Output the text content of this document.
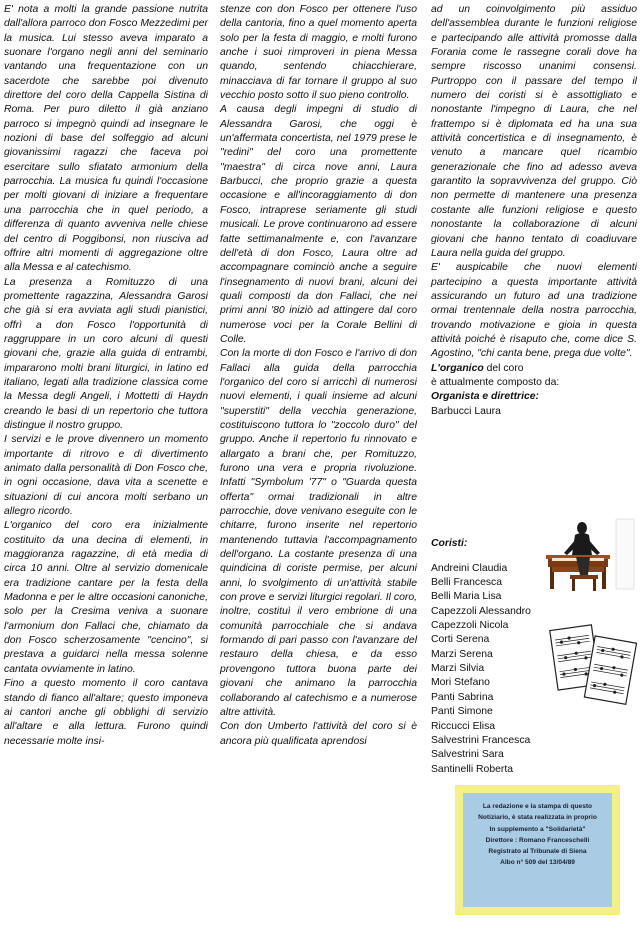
E' nota a molti la grande passione nutrita dall'allora parroco don Fosco Mezzedimi per la musica. Lui stesso aveva imparato a suonare l'organo negli anni del seminario vantando una frequentazione con un sacerdote che sarebbe poi divenuto direttore del coro della Cappella Sistina di Roma. Per puro diletto il già anziano parroco si impegnò quindi ad insegnare le nozioni di base del solfeggio ad alcuni giovanissimi ragazzi che faceva poi esercitare sullo sfiatato armonium della parrocchia. La musica fu quindi l'occasione per molti giovani di iniziare a frequentare una parrocchia che in quel periodo, a differenza di quanto avveniva nelle chiese del centro di Poggibonsi, non riusciva ad offrire altri momenti di aggregazione oltre alla Messa e al catechismo.

La presenza a Romituzzo di una promettente ragazzina, Alessandra Garosi che già si era avviata agli studi pianistici, offrì a don Fosco l'opportunità di raggruppare in un coro alcuni di questi giovani che, grazie alla guida di entrambi, impararono molti brani liturgici, in latino ed italiano, legati alla tradizione classica come la Messa degli Angeli, i Mottetti di Haydn creando le basi di un repertorio che tuttora distingue il nostro gruppo.

I servizi e le prove divennero un momento importante di ritrovo e di divertimento animato dalla personalità di Don Fosco che, in ogni occasione, dava vita a scenette e situazioni di cui ancora molti serbano un allegro ricordo.

L'organico del coro era inizialmente costituito da una decina di elementi, in maggioranza ragazzine, di età media di circa 10 anni. Oltre al servizio domenicale era tradizione cantare per la festa della Madonna e per le altre occasioni canoniche, solo per la Cresima veniva a suonare l'armonium don Fallaci che, chiamato da don Fosco scherzosamente "cencino", si prestava a guidarci nella messa solenne cantata ovviamente in latino.

Fino a questo momento il coro cantava stando di fianco all'altare; questo imponeva ai cantori anche gli obblighi di servizio all'altare e alla lettura. Furono quindi necessarie molte insi-

stenze con don Fosco per ottenere l'uso della cantoria, fino a quel momento aperta solo per la festa di maggio, e molti furono anche i suoi rimproveri in piena Messa quando, sentendo chiacchierare, minacciava di far tornare il gruppo al suo vecchio posto sotto il suo pieno controllo.

A causa degli impegni di studio di Alessandra Garosi, che oggi è un'affermata concertista, nel 1979 prese le "redini" del coro una promettente "maestra" di circa nove anni, Laura Barbucci, che proprio grazie a questa occasione e all'incoraggiamento di don Fosco, intraprese seriamente gli studi musicali. Le prove continuarono ad essere fatte settimanalmente e, con l'avanzare dell'età di don Fosco, Laura oltre ad accompagnare cominciò anche a seguire l'insegnamento di nuovi brani, alcuni dei quali composti da don Fallaci, che nei primi anni '80 iniziò ad attingere dal coro numerose voci per la Corale Bellini di Colle.

Con la morte di don Fosco e l'arrivo di don Fallaci alla guida della parrocchia l'organico del coro si arricchì di numerosi nuovi elementi, i quali insieme ad alcuni "superstiti" della vecchia generazione, costituiscono tuttora lo "zoccolo duro" del gruppo. Anche il repertorio fu rinnovato e allargato a brani che, per Romituzzo, furono una vera e propria rivoluzione. Infatti "Symbolum '77" o "Guarda questa offerta" ormai tradizionali in altre parrocchie, dove venivano eseguite con le chitarre, furono inserite nel repertorio mantenendo tuttavia l'accompagnamento dell'organo. La costante presenza di una quindicina di coriste permise, per alcuni anni, lo svolgimento di un'attività stabile con prove e servizi liturgici regolari. Il coro, inoltre, costituì il vero embrione di una comunità parrocchiale che si andava formando di pari passo con l'avanzare del restauro della chiesa, e da esso provengono tuttora buona parte dei giovani che animano la parrocchia collaborando al catechismo e a numerose altre attività.

Con don Umberto l'attività del coro si è ancora più qualificata aprendosi

ad un coinvolgimento più assiduo dell'assemblea durante le funzioni religiose e partecipando alle attività promosse dalla Forania come le rassegne corali dove ha sempre riscosso unanimi consensi. Purtroppo con il passare del tempo il numero dei coristi si è assottigliato e nonostante l'impegno di Laura, che nel frattempo si è diplomata ed ha una sua attività concertistica e di insegnamento, è venuto a mancare quel ricambio generazionale che fino ad adesso aveva garantito la sopravvivenza del gruppo. Ciò non permette di mantenere una presenza costante alle funzioni religiose e questo nonostante la collaborazione di alcuni giovani che hanno tentato di coadiuvare Laura nella guida del gruppo.

E' auspicabile che nuovi elementi partecipino a questa importante attività assicurando un futuro ad una tradizione ormai trentennale della nostra parrocchia, trovando motivazione e gioia in questa attività poiché è risaputo che, come dice S. Agostino, "chi canta bene, prega due volte".

L'organico del coro

è attualmente composto da:

Organista e direttrice:

Barbucci Laura

Coristi:

Andreini Claudia
Belli Francesca
Belli Maria Lisa
Capezzoli Alessandro
Capezzoli Nicola
Corti Serena
Marzi Serena
Marzi Silvia
Mori Stefano
Panti Sabrina
Panti Simone
Riccucci Elisa
Salvestrini Francesca
Salvestrini Sara
Santinelli Roberta
La redazione e la stampa di questo
Notiziario, è stata realizzata in proprio
In supplemento a "Solidarietà"
Direttore : Romano Franceschelli
Registrato al Tribunale di Siena
Albo n° 509 del 13/04/89
